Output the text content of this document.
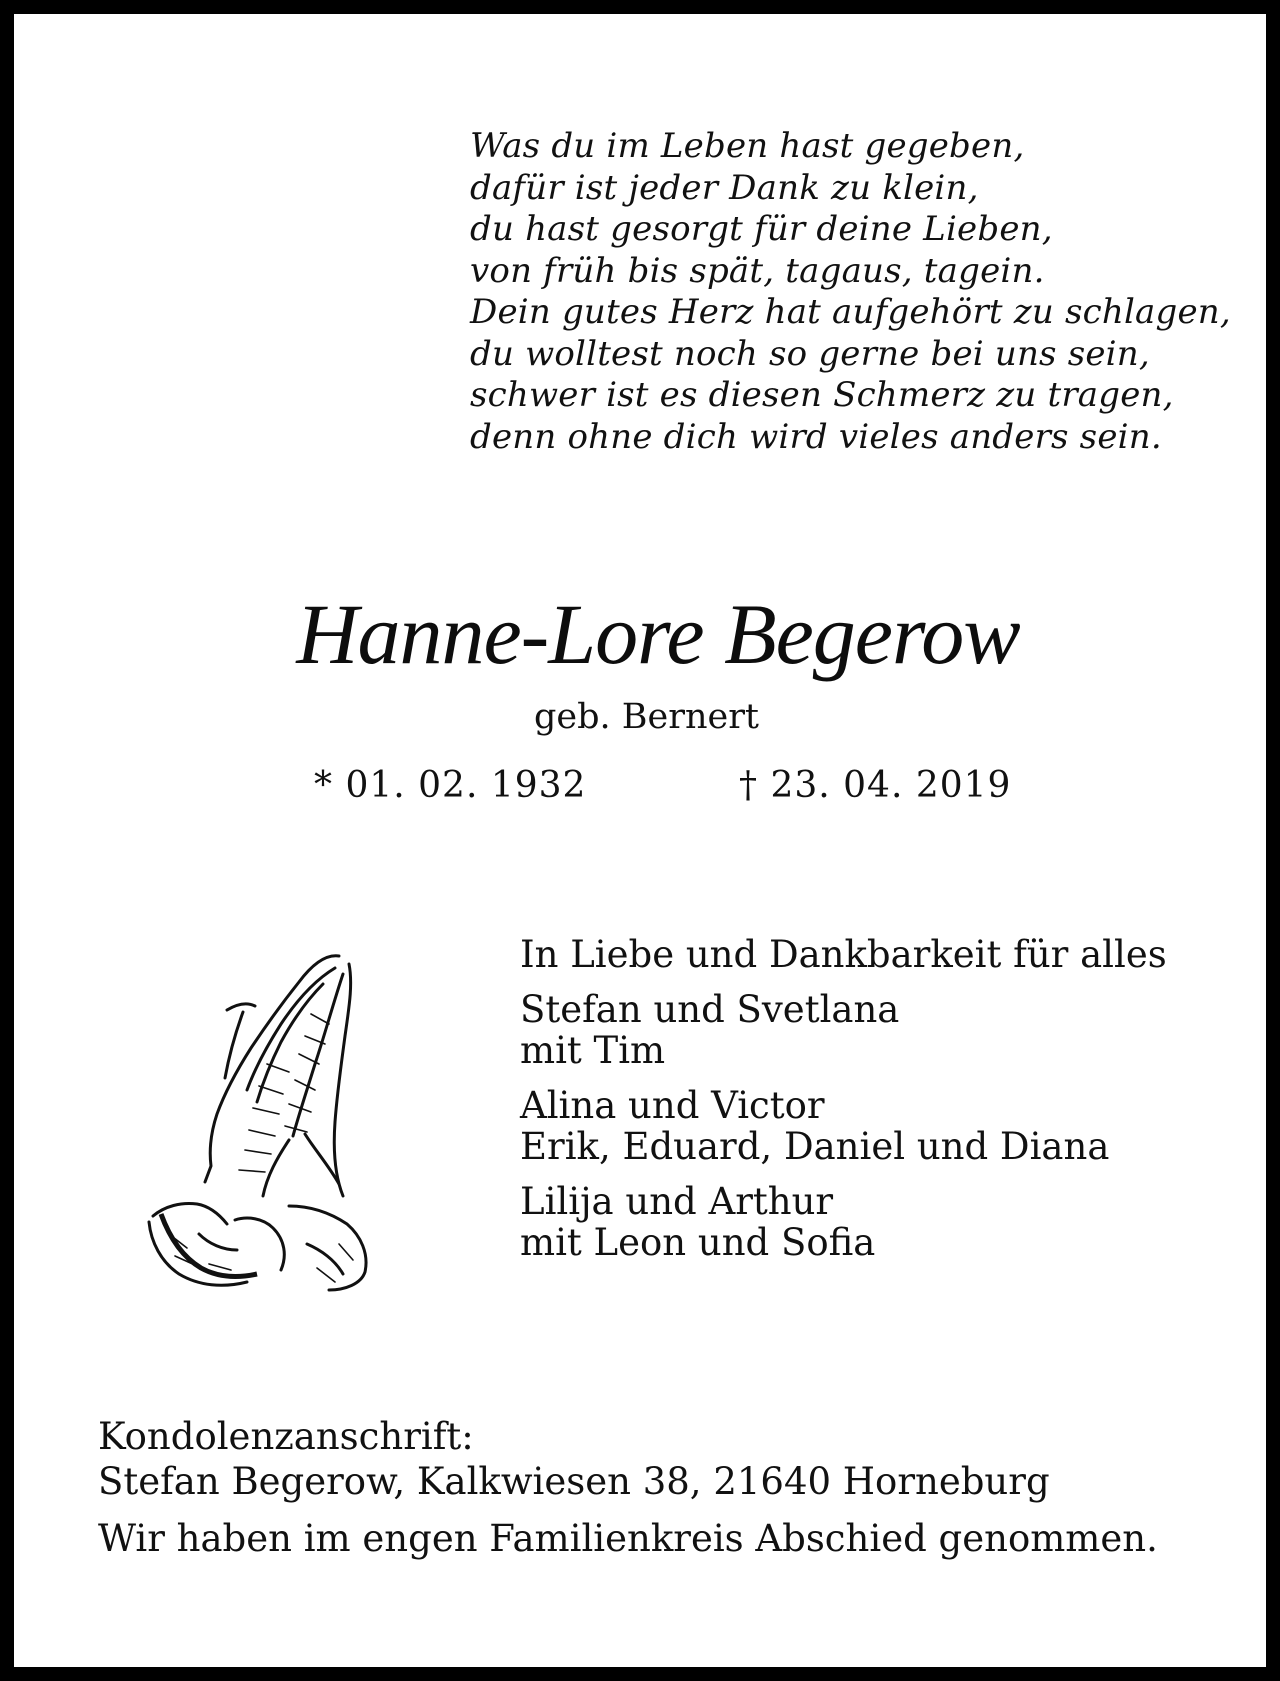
Was du im Leben hast gegeben,
dafür ist jeder Dank zu klein,
du hast gesorgt für deine Lieben,
von früh bis spät, tagaus, tagein.
Dein gutes Herz hat aufgehört zu schlagen,
du wolltest noch so gerne bei uns sein,
schwer ist es diesen Schmerz zu tragen,
denn ohne dich wird vieles anders sein.
Hanne-Lore Begerow
geb. Bernert
* 01. 02. 1932	† 23. 04. 2019
In Liebe und Dankbarkeit für alles
Stefan und Svetlana
mit Tim
Alina und Victor
Erik, Eduard, Daniel und Diana
Lilija und Arthur
mit Leon und Sofia
Kondolenzanschrift:
Stefan Begerow, Kalkwiesen 38, 21640 Horneburg
Wir haben im engen Familienkreis Abschied genommen.
